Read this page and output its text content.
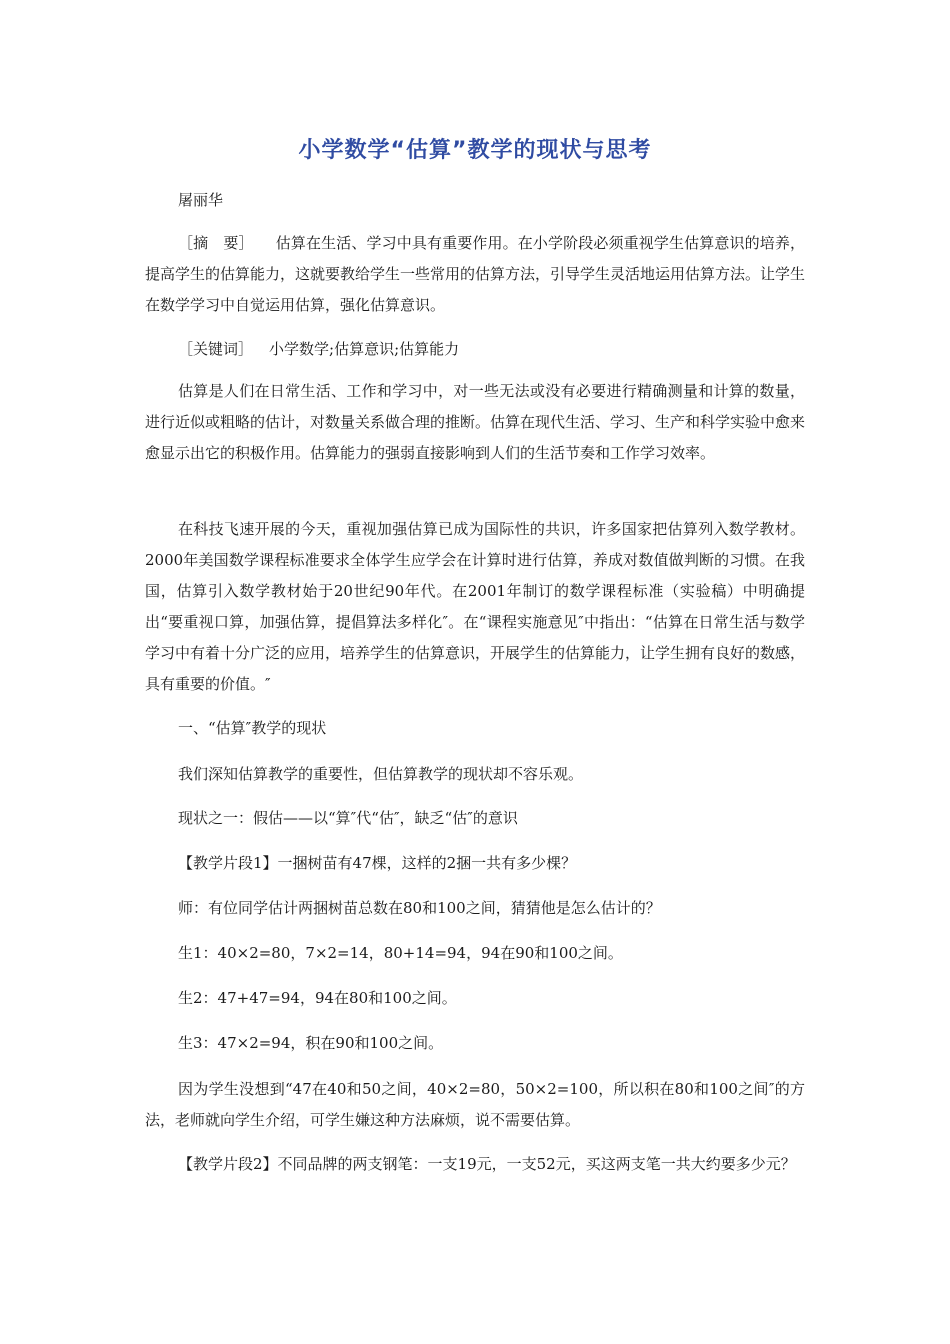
小学数学“估算”教学的现状与思考
屠丽华

［摘　要］ 估算在生活、学习中具有重要作用。在小学阶段必须重视学生估算意识的培养，提高学生的估算能力，这就要教给学生一些常用的估算方法，引导学生灵活地运用估算方法。让学生在数学学习中自觉运用估算，强化估算意识。

［关键词］ 小学数学;估算意识;估算能力

估算是人们在日常生活、工作和学习中，对一些无法或没有必要进行精确测量和计算的数量，进行近似或粗略的估计，对数量关系做合理的推断。估算在现代生活、学习、生产和科学实验中愈来愈显示出它的积极作用。估算能力的强弱直接影响到人们的生活节奏和工作学习效率。

在科技飞速开展的今天，重视加强估算已成为国际性的共识，许多国家把估算列入数学教材。2000年美国数学课程标准要求全体学生应学会在计算时进行估算，养成对数值做判断的习惯。在我国，估算引入数学教材始于20世纪90年代。在2001年制订的数学课程标准（实验稿）中明确提出“要重视口算，加强估算，提倡算法多样化″。在“课程实施意见″中指出：“估算在日常生活与数学学习中有着十分广泛的应用，培养学生的估算意识，开展学生的估算能力，让学生拥有良好的数感，具有重要的价值。″

一、“估算″教学的现状

我们深知估算教学的重要性，但估算教学的现状却不容乐观。

现状之一：假估——以“算″代“估″，缺乏“估″的意识

【教学片段1】一捆树苗有47棵，这样的2捆一共有多少棵？

师：有位同学估计两捆树苗总数在80和100之间，猜猜他是怎么估计的？

生1：40×2=80，7×2=14，80+14=94，94在90和100之间。

生2：47+47=94，94在80和100之间。

生3：47×2=94，积在90和100之间。

因为学生没想到“47在40和50之间，40×2=80，50×2=100，所以积在80和100之间″的方法，老师就向学生介绍，可学生嫌这种方法麻烦，说不需要估算。

【教学片段2】不同品牌的两支钢笔：一支19元，一支52元，买这两支笔一共大约要多少元？
